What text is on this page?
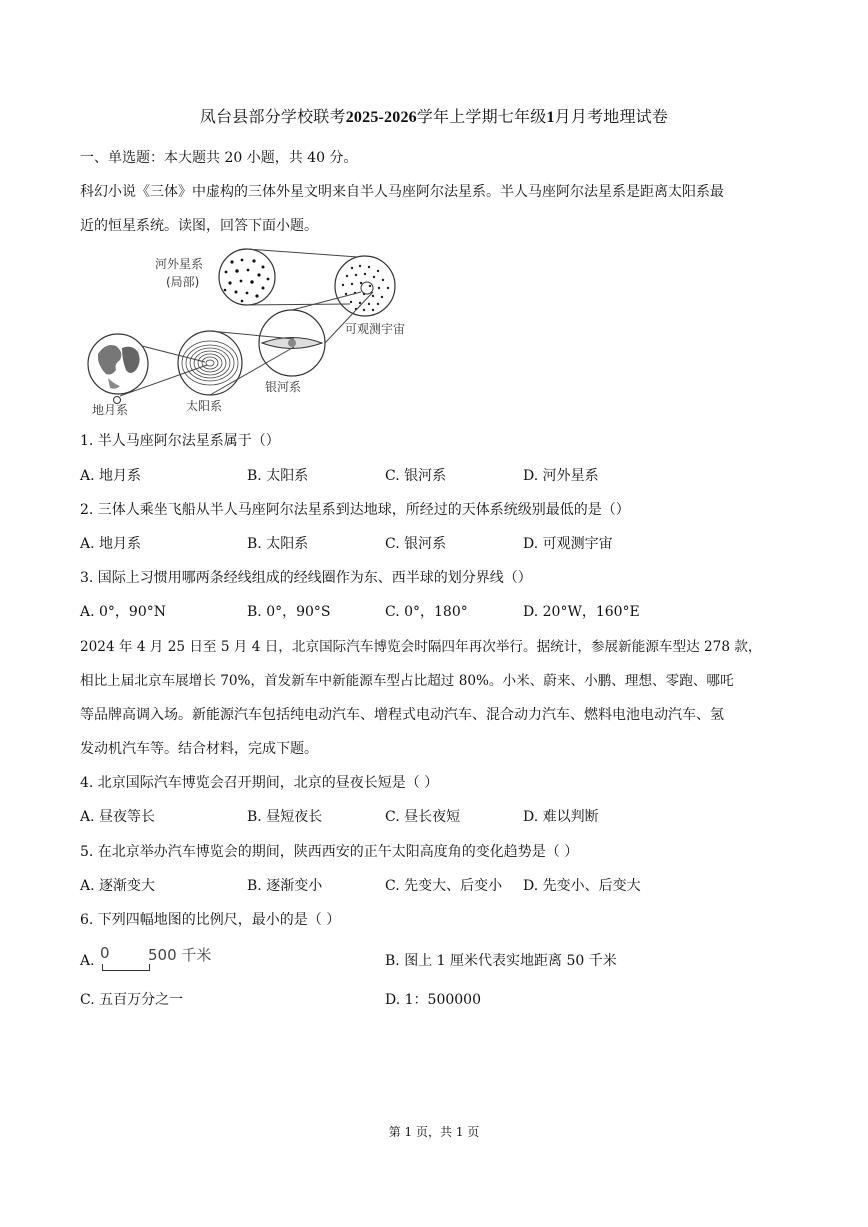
凤台县部分学校联考2025-2026学年上学期七年级1月月考地理试卷
一、单选题：本大题共 20 小题，共 40 分。
科幻小说《三体》中虚构的三体外星文明来自半人马座阿尔法星系。半人马座阿尔法星系是距离太阳系最
近的恒星系统。读图，回答下面小题。
河外星系
(局部)
可观测宇宙
银河系
太阳系
地月系
1. 半人马座阿尔法星系属于（）
A. 地月系	B. 太阳系	C. 银河系	D. 河外星系
2. 三体人乘坐飞船从半人马座阿尔法星系到达地球，所经过的天体系统级别最低的是（）
A. 地月系	B. 太阳系	C. 银河系	D. 可观测宇宙
3. 国际上习惯用哪两条经线组成的经线圈作为东、西半球的划分界线（）
A. 0°，90°N	B. 0°，90°S	C. 0°，180°	D. 20°W，160°E
2024 年 4 月 25 日至 5 月 4 日，北京国际汽车博览会时隔四年再次举行。据统计，参展新能源车型达 278 款，
相比上届北京车展增长 70%，首发新车中新能源车型占比超过 80%。小米、蔚来、小鹏、理想、零跑、哪吒
等品牌高调入场。新能源汽车包括纯电动汽车、增程式电动汽车、混合动力汽车、燃料电池电动汽车、氢
发动机汽车等。结合材料，完成下题。
4. 北京国际汽车博览会召开期间，北京的昼夜长短是（ ）
A. 昼夜等长	B. 昼短夜长	C. 昼长夜短	D. 难以判断
5. 在北京举办汽车博览会的期间，陕西西安的正午太阳高度角的变化趋势是（ ）
A. 逐渐变大	B. 逐渐变小	C. 先变大、后变小 D. 先变小、后变大
6. 下列四幅地图的比例尺，最小的是（ ）
A. 0	500 千米	B. 图上 1 厘米代表实地距离 50 千米
C. 五百万分之一	D. 1：500000
第 1 页，共 1 页
